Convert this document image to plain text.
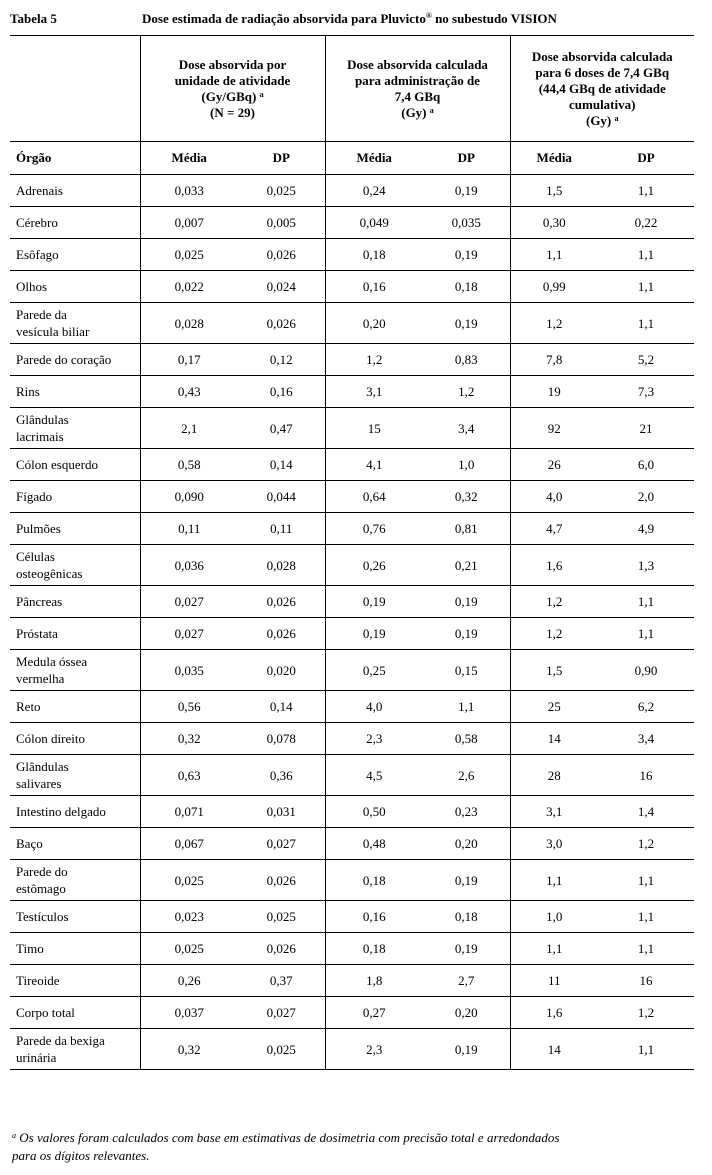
Tabela 5	Dose estimada de radiação absorvida para Pluvicto® no subestudo VISION
	Dose absorvida por
unidade de atividade
(Gy/GBq) $^a$
(N = 29)		Dose absorvida calculada
para administração de
7,4 GBq
(Gy) $^a$		Dose absorvida calculada
para 6 doses de 7,4 GBq
(44,4 GBq de atividade
cumulativa)
(Gy) $^a$

Órgão	Média	DP	Média	DP	Média	DP
Adrenais	0,033	0,025	0,24	0,19	1,5	1,1
Cérebro	0,007	0,005	0,049	0,035	0,30	0,22
Esôfago	0,025	0,026	0,18	0,19	1,1	1,1
Olhos	0,022	0,024	0,16	0,18	0,99	1,1
Parede da
vesícula biliar	0,028	0,026	0,20	0,19	1,2	1,1
Parede do coração	0,17	0,12	1,2	0,83	7,8	5,2
Rins	0,43	0,16	3,1	1,2	19	7,3
Glândulas
lacrimais	2,1	0,47	15	3,4	92	21
Cólon esquerdo	0,58	0,14	4,1	1,0	26	6,0
Fígado	0,090	0,044	0,64	0,32	4,0	2,0
Pulmões	0,11	0,11	0,76	0,81	4,7	4,9
Células
osteogênicas	0,036	0,028	0,26	0,21	1,6	1,3
Pâncreas	0,027	0,026	0,19	0,19	1,2	1,1
Próstata	0,027	0,026	0,19	0,19	1,2	1,1
Medula óssea
vermelha	0,035	0,020	0,25	0,15	1,5	0,90
Reto	0,56	0,14	4,0	1,1	25	6,2
Cólon direito	0,32	0,078	2,3	0,58	14	3,4
Glândulas
salivares	0,63	0,36	4,5	2,6	28	16
Intestino delgado	0,071	0,031	0,50	0,23	3,1	1,4
Baço	0,067	0,027	0,48	0,20	3,0	1,2
Parede do
estômago	0,025	0,026	0,18	0,19	1,1	1,1
Testículos	0,023	0,025	0,16	0,18	1,0	1,1
Timo	0,025	0,026	0,18	0,19	1,1	1,1
Tireoide	0,26	0,37	1,8	2,7	11	16
Corpo total	0,037	0,027	0,27	0,20	1,6	1,2
Parede da bexiga
urinária	0,32	0,025	2,3	0,19	14	1,1
$^a$ Os valores foram calculados com base em estimativas de dosimetria com precisão total e arredondados
para os dígitos relevantes.
